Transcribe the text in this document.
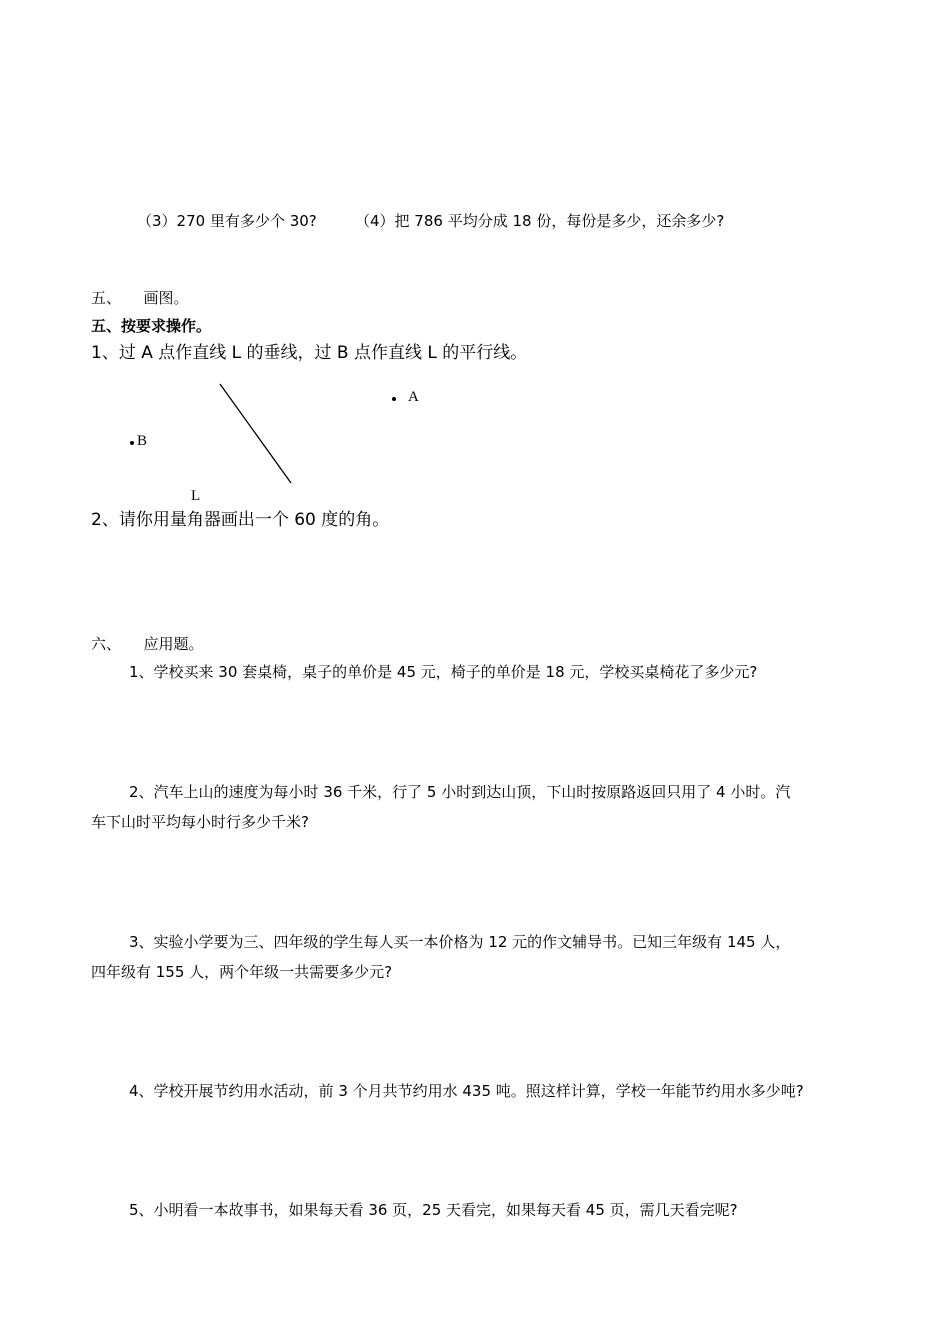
（3）270 里有多少个 30?	（4）把 786 平均分成 18 份，每份是多少，还余多少?
五、　　画图。
五、按要求操作。
1、过 A 点作直线 L 的垂线，过 B 点作直线 L 的平行线。
A
B
L
2、请你用量角器画出一个 60 度的角。
六、　　应用题。
1、学校买来 30 套桌椅，桌子的单价是 45 元，椅子的单价是 18 元，学校买桌椅花了多少元?
2、汽车上山的速度为每小时 36 千米，行了 5 小时到达山顶，下山时按原路返回只用了 4 小时。汽
车下山时平均每小时行多少千米?
3、实验小学要为三、四年级的学生每人买一本价格为 12 元的作文辅导书。已知三年级有 145 人，
四年级有 155 人，两个年级一共需要多少元?
4、学校开展节约用水活动，前 3 个月共节约用水 435 吨。照这样计算，学校一年能节约用水多少吨?
5、小明看一本故事书，如果每天看 36 页，25 天看完，如果每天看 45 页，需几天看完呢?
